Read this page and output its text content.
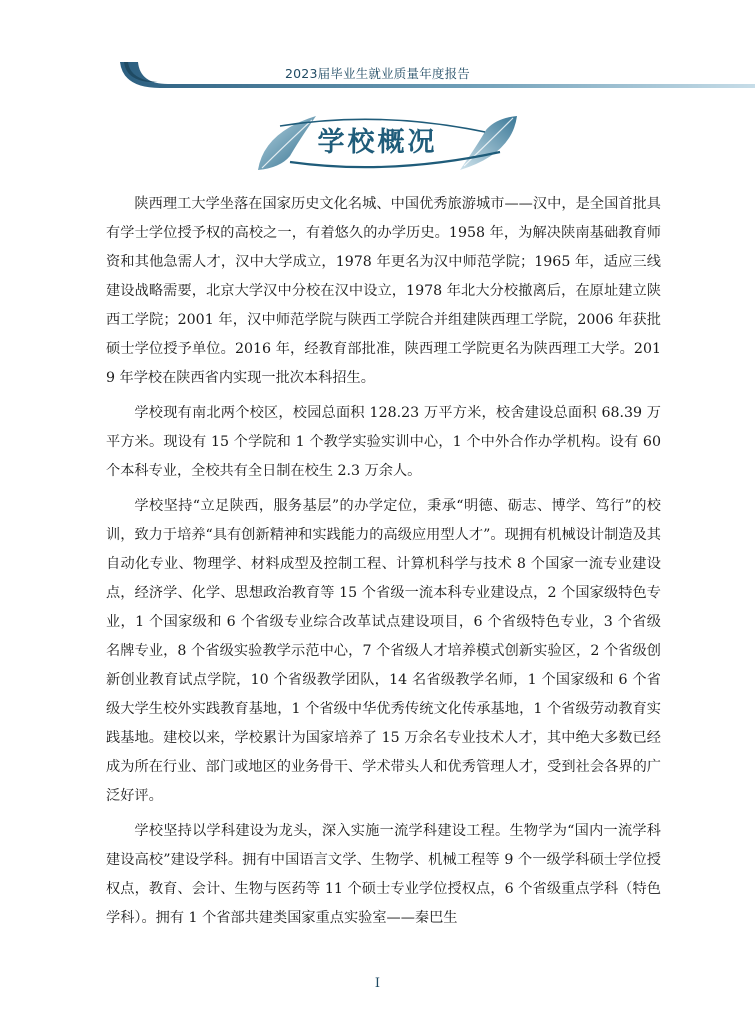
2023届毕业生就业质量年度报告
学校概况

陕西理工大学坐落在国家历史文化名城、中国优秀旅游城市——汉中，是全国首批具有学士学位授予权的高校之一，有着悠久的办学历史。1958 年，为解决陕南基础教育师资和其他急需人才，汉中大学成立，1978 年更名为汉中师范学院；1965 年，适应三线建设战略需要，北京大学汉中分校在汉中设立，1978 年北大分校撤离后，在原址建立陕西工学院；2001 年，汉中师范学院与陕西工学院合并组建陕西理工学院，2006 年获批硕士学位授予单位。2016 年，经教育部批准，陕西理工学院更名为陕西理工大学。2019 年学校在陕西省内实现一批次本科招生。

学校现有南北两个校区，校园总面积 128.23 万平方米，校舍建设总面积 68.39 万平方米。现设有 15 个学院和 1 个教学实验实训中心，1 个中外合作办学机构。设有 60 个本科专业，全校共有全日制在校生 2.3 万余人。

学校坚持“立足陕西，服务基层”的办学定位，秉承“明德、砺志、博学、笃行”的校训，致力于培养“具有创新精神和实践能力的高级应用型人才”。现拥有机械设计制造及其自动化专业、物理学、材料成型及控制工程、计算机科学与技术 8 个国家一流专业建设点，经济学、化学、思想政治教育等 15 个省级一流本科专业建设点，2 个国家级特色专业，1 个国家级和 6 个省级专业综合改革试点建设项目，6 个省级特色专业，3 个省级名牌专业，8 个省级实验教学示范中心，7 个省级人才培养模式创新实验区，2 个省级创新创业教育试点学院，10 个省级教学团队，14 名省级教学名师，1 个国家级和 6 个省级大学生校外实践教育基地，1 个省级中华优秀传统文化传承基地，1 个省级劳动教育实践基地。建校以来，学校累计为国家培养了 15 万余名专业技术人才，其中绝大多数已经成为所在行业、部门或地区的业务骨干、学术带头人和优秀管理人才，受到社会各界的广泛好评。

学校坚持以学科建设为龙头，深入实施一流学科建设工程。生物学为“国内一流学科建设高校”建设学科。拥有中国语言文学、生物学、机械工程等 9 个一级学科硕士学位授权点，教育、会计、生物与医药等 11 个硕士专业学位授权点，6 个省级重点学科（特色学科）。拥有 1 个省部共建类国家重点实验室——秦巴生

I
